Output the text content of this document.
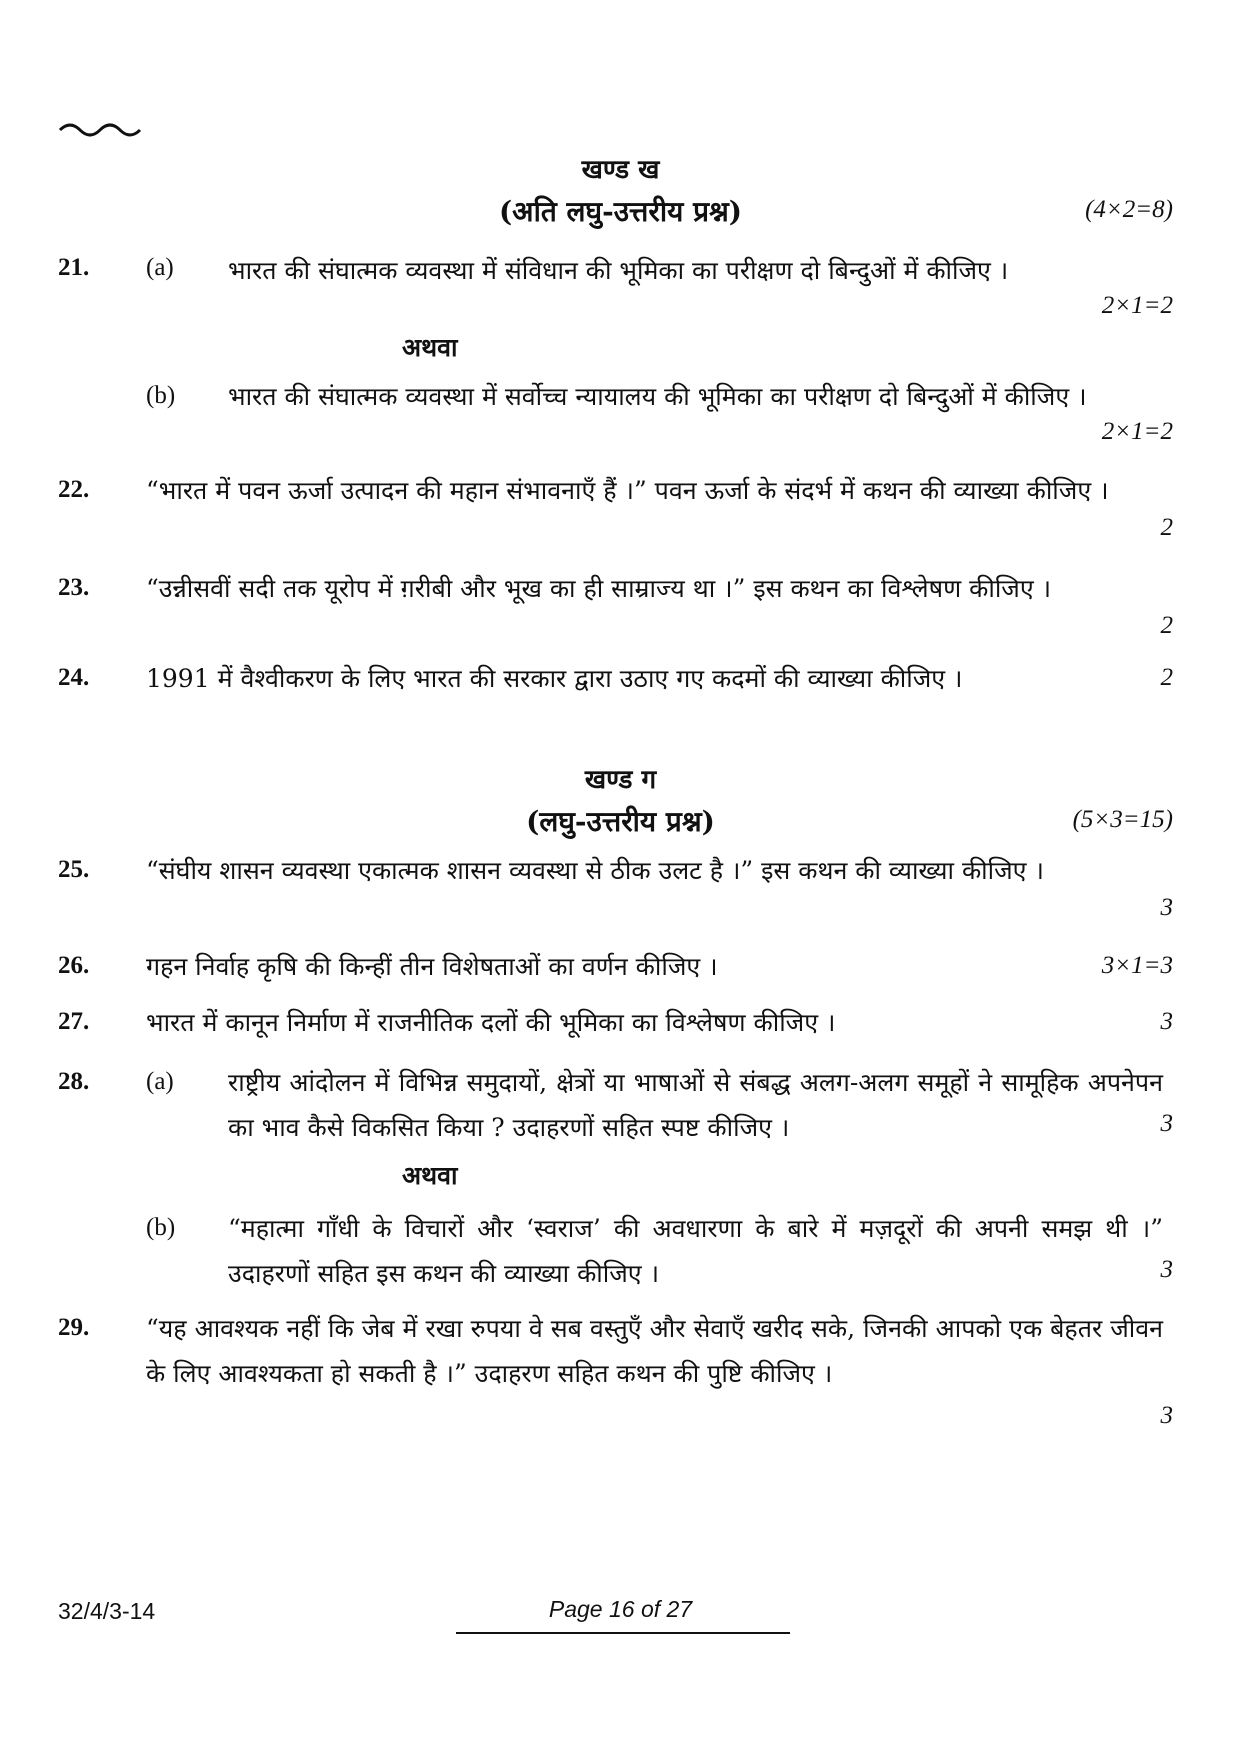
खण्ड ख
(अति लघु-उत्तरीय प्रश्न)	(4×2=8)
21. (a) भारत की संघात्मक व्यवस्था में संविधान की भूमिका का परीक्षण दो बिन्दुओं में कीजिए ।
2×1=2
अथवा
(b) भारत की संघात्मक व्यवस्था में सर्वोच्च न्यायालय की भूमिका का परीक्षण दो बिन्दुओं में कीजिए ।
2×1=2
22. “भारत में पवन ऊर्जा उत्पादन की महान संभावनाएँ हैं ।” पवन ऊर्जा के संदर्भ में कथन की व्याख्या कीजिए ।
2
23. “उन्नीसवीं सदी तक यूरोप में ग़रीबी और भूख का ही साम्राज्य था ।” इस कथन का विश्लेषण कीजिए ।
2
24. 1991 में वैश्वीकरण के लिए भारत की सरकार द्वारा उठाए गए कदमों की व्याख्या कीजिए ।	2
खण्ड ग
(लघु-उत्तरीय प्रश्न)	(5×3=15)
25. “संघीय शासन व्यवस्था एकात्मक शासन व्यवस्था से ठीक उलट है ।” इस कथन की व्याख्या कीजिए ।
3
26. गहन निर्वाह कृषि की किन्हीं तीन विशेषताओं का वर्णन कीजिए ।	3×1=3
27. भारत में कानून निर्माण में राजनीतिक दलों की भूमिका का विश्लेषण कीजिए ।	3
28. (a) राष्ट्रीय आंदोलन में विभिन्न समुदायों, क्षेत्रों या भाषाओं से संबद्ध अलग-अलग समूहों ने सामूहिक अपनेपन का भाव कैसे विकसित किया ? उदाहरणों सहित स्पष्ट कीजिए ।	3
अथवा
(b) “महात्मा गाँधी के विचारों और ‘स्वराज’ की अवधारणा के बारे में मज़दूरों की अपनी समझ थी ।” उदाहरणों सहित इस कथन की व्याख्या कीजिए ।	3
29. “यह आवश्यक नहीं कि जेब में रखा रुपया वे सब वस्तुएँ और सेवाएँ खरीद सके, जिनकी आपको एक बेहतर जीवन के लिए आवश्यकता हो सकती है ।” उदाहरण सहित कथन की पुष्टि कीजिए ।
3
32/4/3-14	Page 16 of 27
